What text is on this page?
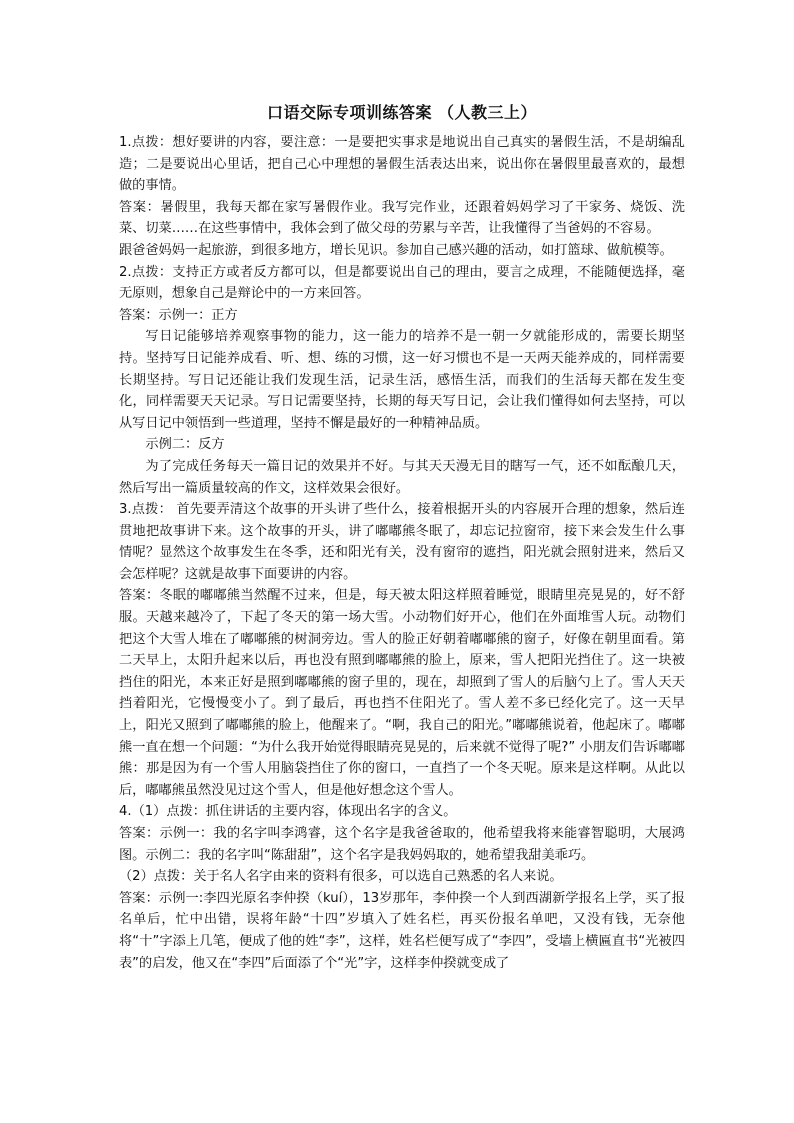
口语交际专项训练答案 （人教三上）

1.点拨：想好要讲的内容，要注意：一是要把实事求是地说出自己真实的暑假生活，不是胡编乱造；二是要说出心里话，把自己心中理想的暑假生活表达出来，说出你在暑假里最喜欢的，最想做的事情。

答案：暑假里，我每天都在家写暑假作业。我写完作业，还跟着妈妈学习了干家务、烧饭、洗菜、切菜……在这些事情中，我体会到了做父母的劳累与辛苦，让我懂得了当爸妈的不容易。

跟爸爸妈妈一起旅游，到很多地方，增长见识。参加自己感兴趣的活动，如打篮球、做航模等。

2.点拨：支持正方或者反方都可以，但是都要说出自己的理由，要言之成理，不能随便选择，毫无原则，想象自己是辩论中的一方来回答。

答案：示例一：正方

写日记能够培养观察事物的能力，这一能力的培养不是一朝一夕就能形成的，需要长期坚持。坚持写日记能养成看、听、想、练的习惯，这一好习惯也不是一天两天能养成的，同样需要长期坚持。写日记还能让我们发现生活，记录生活，感悟生活，而我们的生活每天都在发生变化，同样需要天天记录。写日记需要坚持，长期的每天写日记，会让我们懂得如何去坚持，可以从写日记中领悟到一些道理，坚持不懈是最好的一种精神品质。

示例二：反方

为了完成任务每天一篇日记的效果并不好。与其天天漫无目的瞎写一气，还不如酝酿几天，然后写出一篇质量较高的作文，这样效果会很好。

3.点拨： 首先要弄清这个故事的开头讲了些什么，接着根据开头的内容展开合理的想象，然后连贯地把故事讲下来。这个故事的开头，讲了嘟嘟熊冬眠了，却忘记拉窗帘，接下来会发生什么事情呢？显然这个故事发生在冬季，还和阳光有关，没有窗帘的遮挡，阳光就会照射进来，然后又会怎样呢？这就是故事下面要讲的内容。

答案：冬眠的嘟嘟熊当然醒不过来，但是，每天被太阳这样照着睡觉，眼睛里亮晃晃的，好不舒服。天越来越冷了，下起了冬天的第一场大雪。小动物们好开心，他们在外面堆雪人玩。动物们把这个大雪人堆在了嘟嘟熊的树洞旁边。雪人的脸正好朝着嘟嘟熊的窗子，好像在朝里面看。第二天早上，太阳升起来以后，再也没有照到嘟嘟熊的脸上，原来，雪人把阳光挡住了。这一块被挡住的阳光，本来正好是照到嘟嘟熊的窗子里的，现在，却照到了雪人的后脑勺上了。雪人天天挡着阳光，它慢慢变小了。到了最后，再也挡不住阳光了。雪人差不多已经化完了。这一天早上，阳光又照到了嘟嘟熊的脸上，他醒来了。“啊，我自己的阳光。”嘟嘟熊说着，他起床了。嘟嘟熊一直在想一个问题：“为什么我开始觉得眼睛亮晃晃的，后来就不觉得了呢?” 小朋友们告诉嘟嘟熊：那是因为有一个雪人用脑袋挡住了你的窗口，一直挡了一个冬天呢。原来是这样啊。从此以后，嘟嘟熊虽然没见过这个雪人，但是他好想念这个雪人。

4.（1）点拨：抓住讲话的主要内容，体现出名字的含义。

答案：示例一：我的名字叫李鸿睿，这个名字是我爸爸取的，他希望我将来能睿智聪明，大展鸿图。示例二：我的名字叫“陈甜甜”，这个名字是我妈妈取的，她希望我甜美乖巧。

（2）点拨：关于名人名字由来的资料有很多，可以选自己熟悉的名人来说。

答案：示例一:李四光原名李仲揆（kuí），13岁那年，李仲揆一个人到西湖新学报名上学，买了报名单后，忙中出错，误将年龄“十四”岁填入了姓名栏，再买份报名单吧，又没有钱，无奈他将“十”字添上几笔，便成了他的姓“李”，这样，姓名栏便写成了“李四”，受墙上横匾直书“光被四表”的启发，他又在“李四”后面添了个“光”字，这样李仲揆就变成了
